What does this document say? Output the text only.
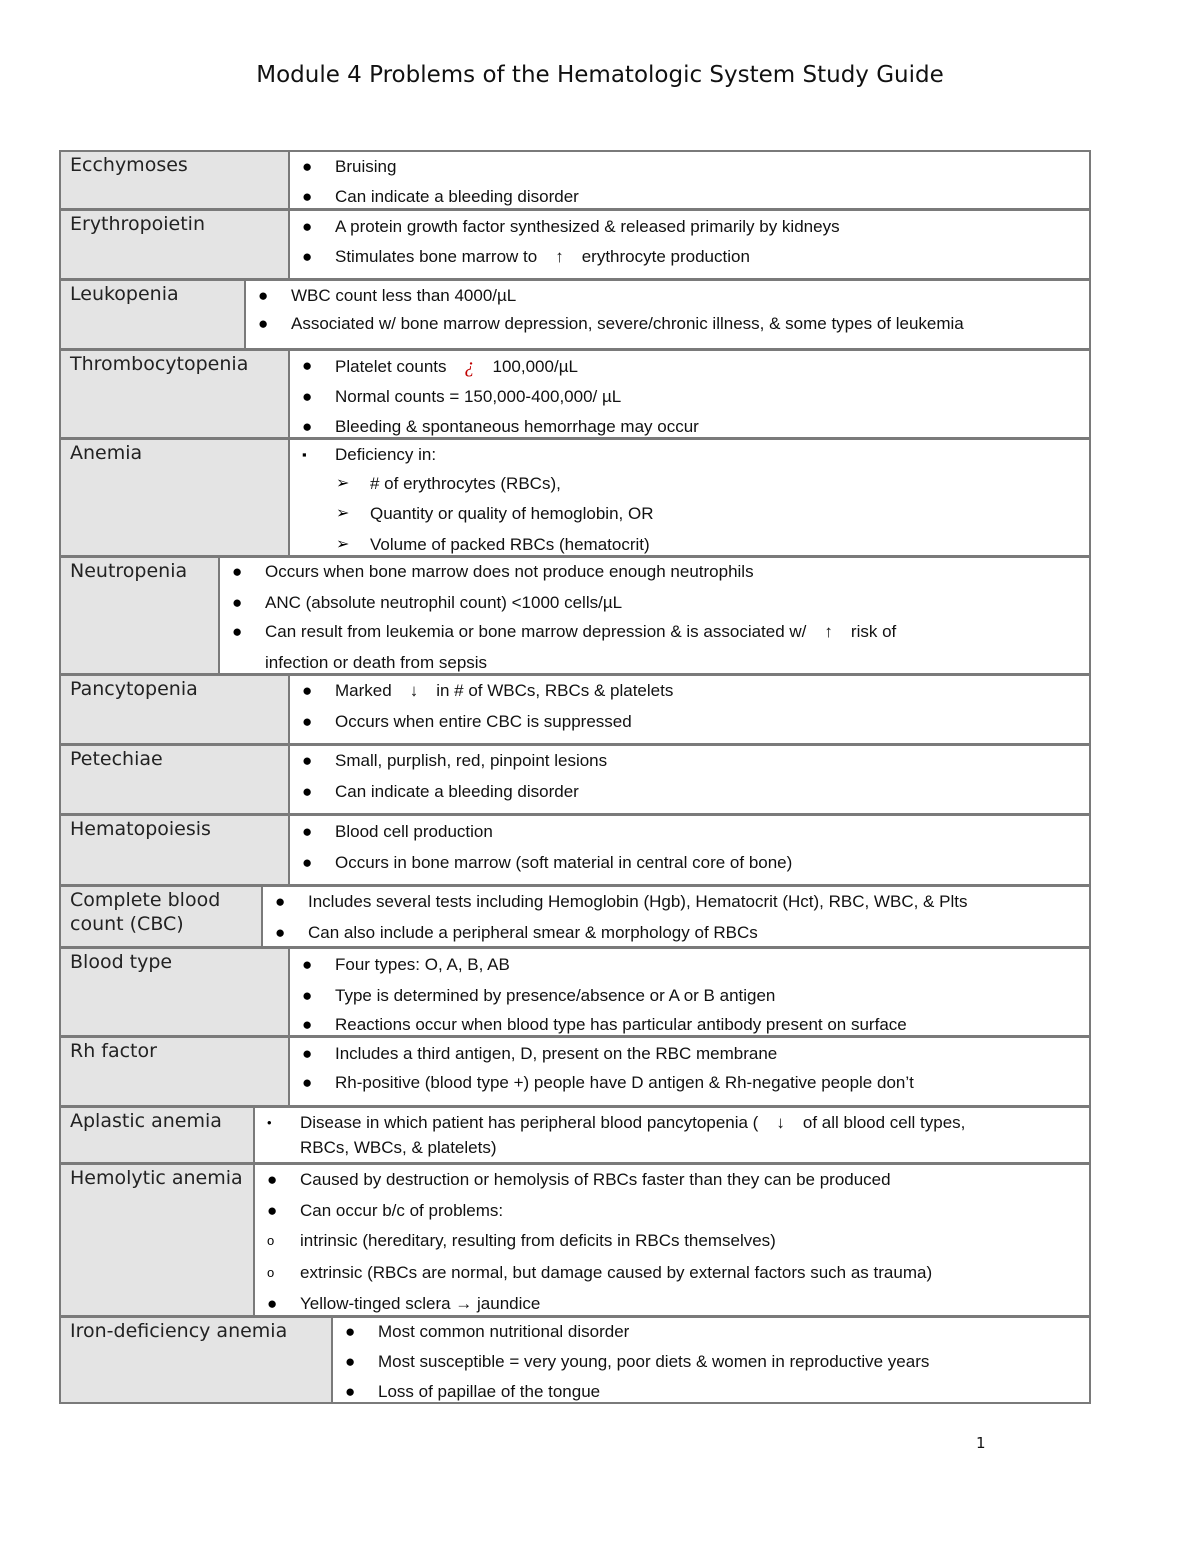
Module 4 Problems of the Hematologic System Study Guide
Ecchymoses	●	Bruising
●	Can indicate a bleeding disorder
Erythropoietin	●	A protein growth factor synthesized & released primarily by kidneys
●	Stimulates bone marrow to ↑ erythrocyte production
Leukopenia	●	WBC count less than 4000/µL
●	Associated w/ bone marrow depression, severe/chronic illness, & some types of leukemia
Thrombocytopenia	●	Platelet counts ¿ 100,000/µL
●	Normal counts = 150,000-400,000/ µL
●	Bleeding & spontaneous hemorrhage may occur
Anemia	▪	Deficiency in:
➢	# of erythrocytes (RBCs),
➢	Quantity or quality of hemoglobin, OR
➢	Volume of packed RBCs (hematocrit)
Neutropenia	●	Occurs when bone marrow does not produce enough neutrophils
●	ANC (absolute neutrophil count) <1000 cells/µL
●	Can result from leukemia or bone marrow depression & is associated w/ ↑ risk of
infection or death from sepsis
Pancytopenia	●	Marked ↓ in # of WBCs, RBCs & platelets
●	Occurs when entire CBC is suppressed
Petechiae	●	Small, purplish, red, pinpoint lesions
●	Can indicate a bleeding disorder
Hematopoiesis	●	Blood cell production
●	Occurs in bone marrow (soft material in central core of bone)
Complete blood count (CBC)
●	Includes several tests including Hemoglobin (Hgb), Hematocrit (Hct), RBC, WBC, & Plts
●	Can also include a peripheral smear & morphology of RBCs
Blood type	●	Four types: O, A, B, AB
●	Type is determined by presence/absence or A or B antigen
●	Reactions occur when blood type has particular antibody present on surface
Rh factor	●	Includes a third antigen, D, present on the RBC membrane
●	Rh-positive (blood type +) people have D antigen & Rh-negative people don’t
Aplastic anemia	•	Disease in which patient has peripheral blood pancytopenia ( ↓ of all blood cell types,
RBCs, WBCs, & platelets)
Hemolytic anemia	●	Caused by destruction or hemolysis of RBCs faster than they can be produced
●	Can occur b/c of problems:
o	intrinsic (hereditary, resulting from deficits in RBCs themselves)
o	extrinsic (RBCs are normal, but damage caused by external factors such as trauma)
●	Yellow-tinged sclera → jaundice
Iron-deficiency anemia	●	Most common nutritional disorder
●	Most susceptible = very young, poor diets & women in reproductive years
●	Loss of papillae of the tongue
1
